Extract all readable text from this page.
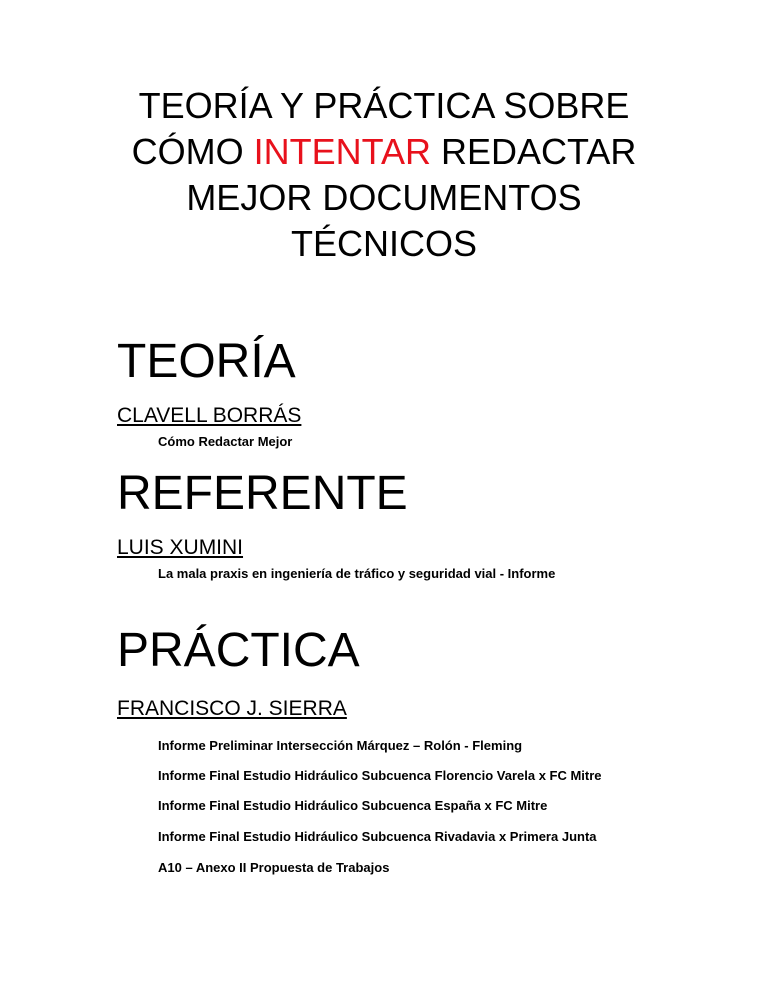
TEORÍA Y PRÁCTICA SOBRE
CÓMO INTENTAR REDACTAR
MEJOR DOCUMENTOS
TÉCNICOS
TEORÍA
CLAVELL BORRÁS
Cómo Redactar Mejor
REFERENTE
LUIS XUMINI
La mala praxis en ingeniería de tráfico y seguridad vial - Informe
PRÁCTICA
FRANCISCO J. SIERRA
Informe Preliminar Intersección Márquez – Rolón - Fleming
Informe Final Estudio Hidráulico Subcuenca Florencio Varela x FC Mitre
Informe Final Estudio Hidráulico Subcuenca España x FC Mitre
Informe Final Estudio Hidráulico Subcuenca Rivadavia x Primera Junta
A10 – Anexo II Propuesta de Trabajos
